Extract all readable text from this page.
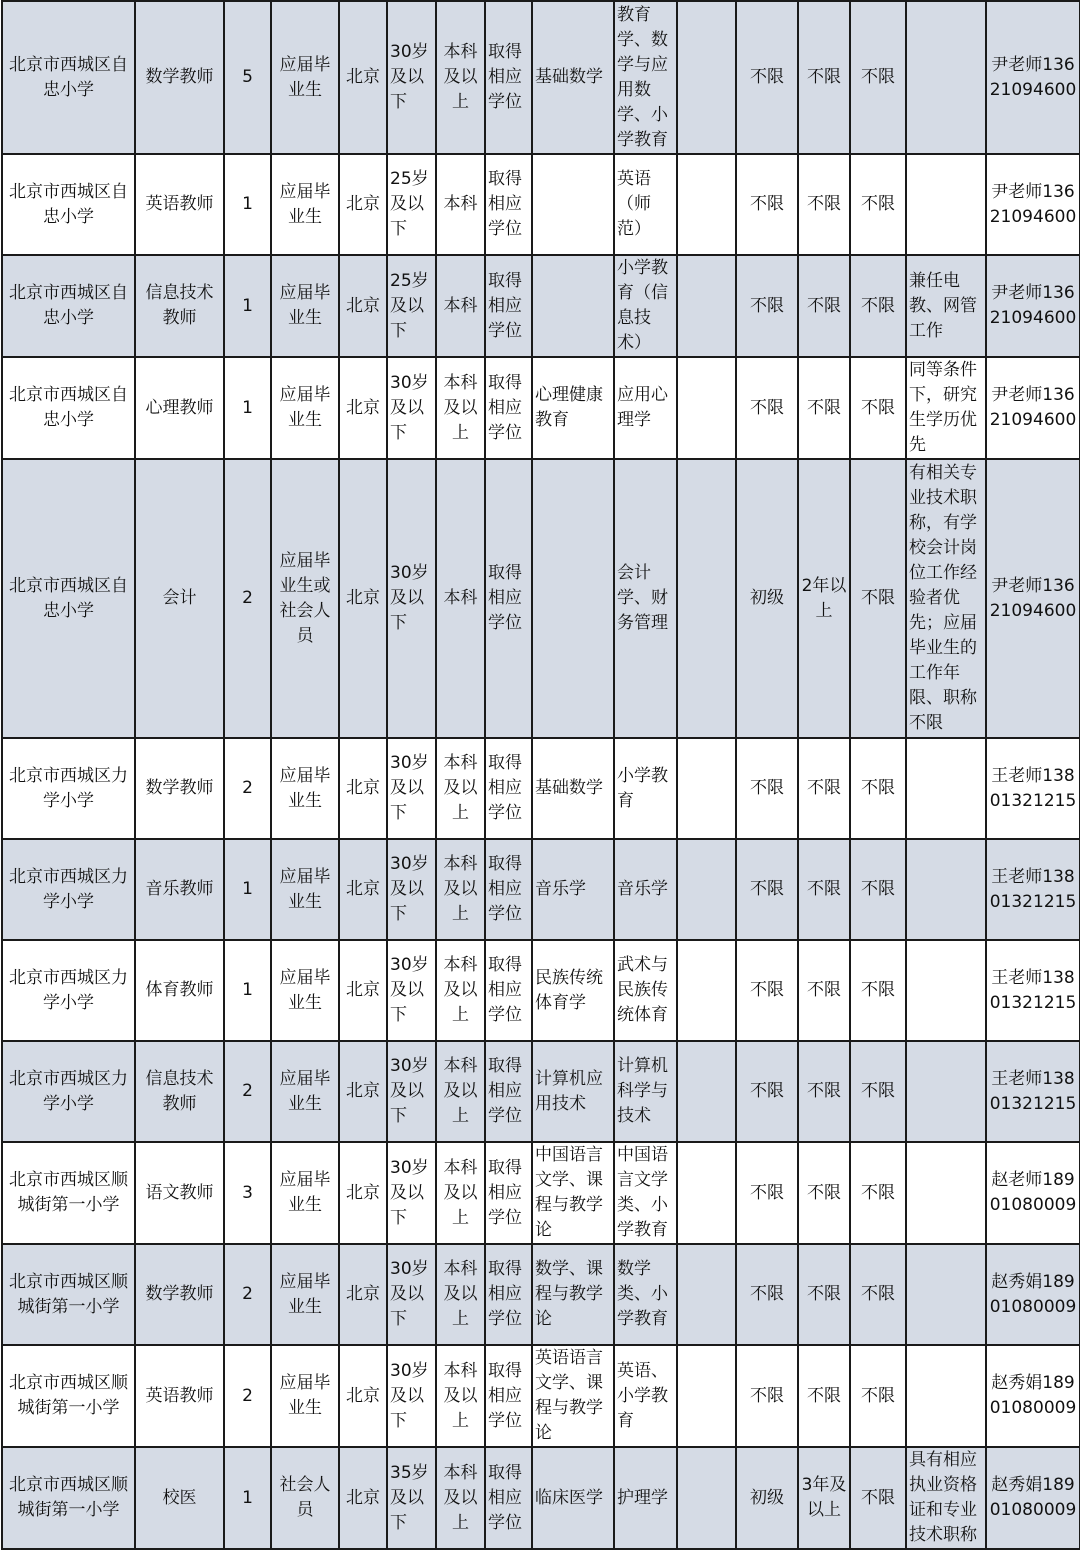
北京市西城区自忠小学	数学教师	5	应届毕业生	北京	30岁及以下	本科及以上	取得相应学位	基础数学	教育学、数学与应用数学、小学教育		不限	不限	不限		尹老师13621094600
北京市西城区自忠小学	英语教师	1	应届毕业生	北京	25岁及以下	本科	取得相应学位		英语（师范）		不限	不限	不限		尹老师13621094600
北京市西城区自忠小学	信息技术教师	1	应届毕业生	北京	25岁及以下	本科	取得相应学位		小学教育（信息技术）		不限	不限	不限	兼任电教、网管工作	尹老师13621094600
北京市西城区自忠小学	心理教师	1	应届毕业生	北京	30岁及以下	本科及以上	取得相应学位	心理健康教育	应用心理学		不限	不限	不限	同等条件下，研究生学历优先	尹老师13621094600
北京市西城区自忠小学	会计	2	应届毕业生或社会人员	北京	30岁及以下	本科	取得相应学位		会计学、财务管理		初级	2年以上	不限	有相关专业技术职称，有学校会计岗位工作经验者优先；应届毕业生的工作年限、职称不限	尹老师13621094600
北京市西城区力学小学	数学教师	2	应届毕业生	北京	30岁及以下	本科及以上	取得相应学位	基础数学	小学教育		不限	不限	不限		王老师13801321215
北京市西城区力学小学	音乐教师	1	应届毕业生	北京	30岁及以下	本科及以上	取得相应学位	音乐学	音乐学		不限	不限	不限		王老师13801321215
北京市西城区力学小学	体育教师	1	应届毕业生	北京	30岁及以下	本科及以上	取得相应学位	民族传统体育学	武术与民族传统体育		不限	不限	不限		王老师13801321215
北京市西城区力学小学	信息技术教师	2	应届毕业生	北京	30岁及以下	本科及以上	取得相应学位	计算机应用技术	计算机科学与技术		不限	不限	不限		王老师13801321215
北京市西城区顺城街第一小学	语文教师	3	应届毕业生	北京	30岁及以下	本科及以上	取得相应学位	中国语言文学、课程与教学论	中国语言文学类、小学教育		不限	不限	不限		赵老师18901080009
北京市西城区顺城街第一小学	数学教师	2	应届毕业生	北京	30岁及以下	本科及以上	取得相应学位	数学、课程与教学论	数学类、小学教育		不限	不限	不限		赵秀娟18901080009
北京市西城区顺城街第一小学	英语教师	2	应届毕业生	北京	30岁及以下	本科及以上	取得相应学位	英语语言文学、课程与教学论	英语、小学教育		不限	不限	不限		赵秀娟18901080009
北京市西城区顺城街第一小学	校医	1	社会人员	北京	35岁及以下	本科及以上	取得相应学位	临床医学	护理学		初级	3年及以上	不限	具有相应执业资格证和专业技术职称	赵秀娟18901080009
